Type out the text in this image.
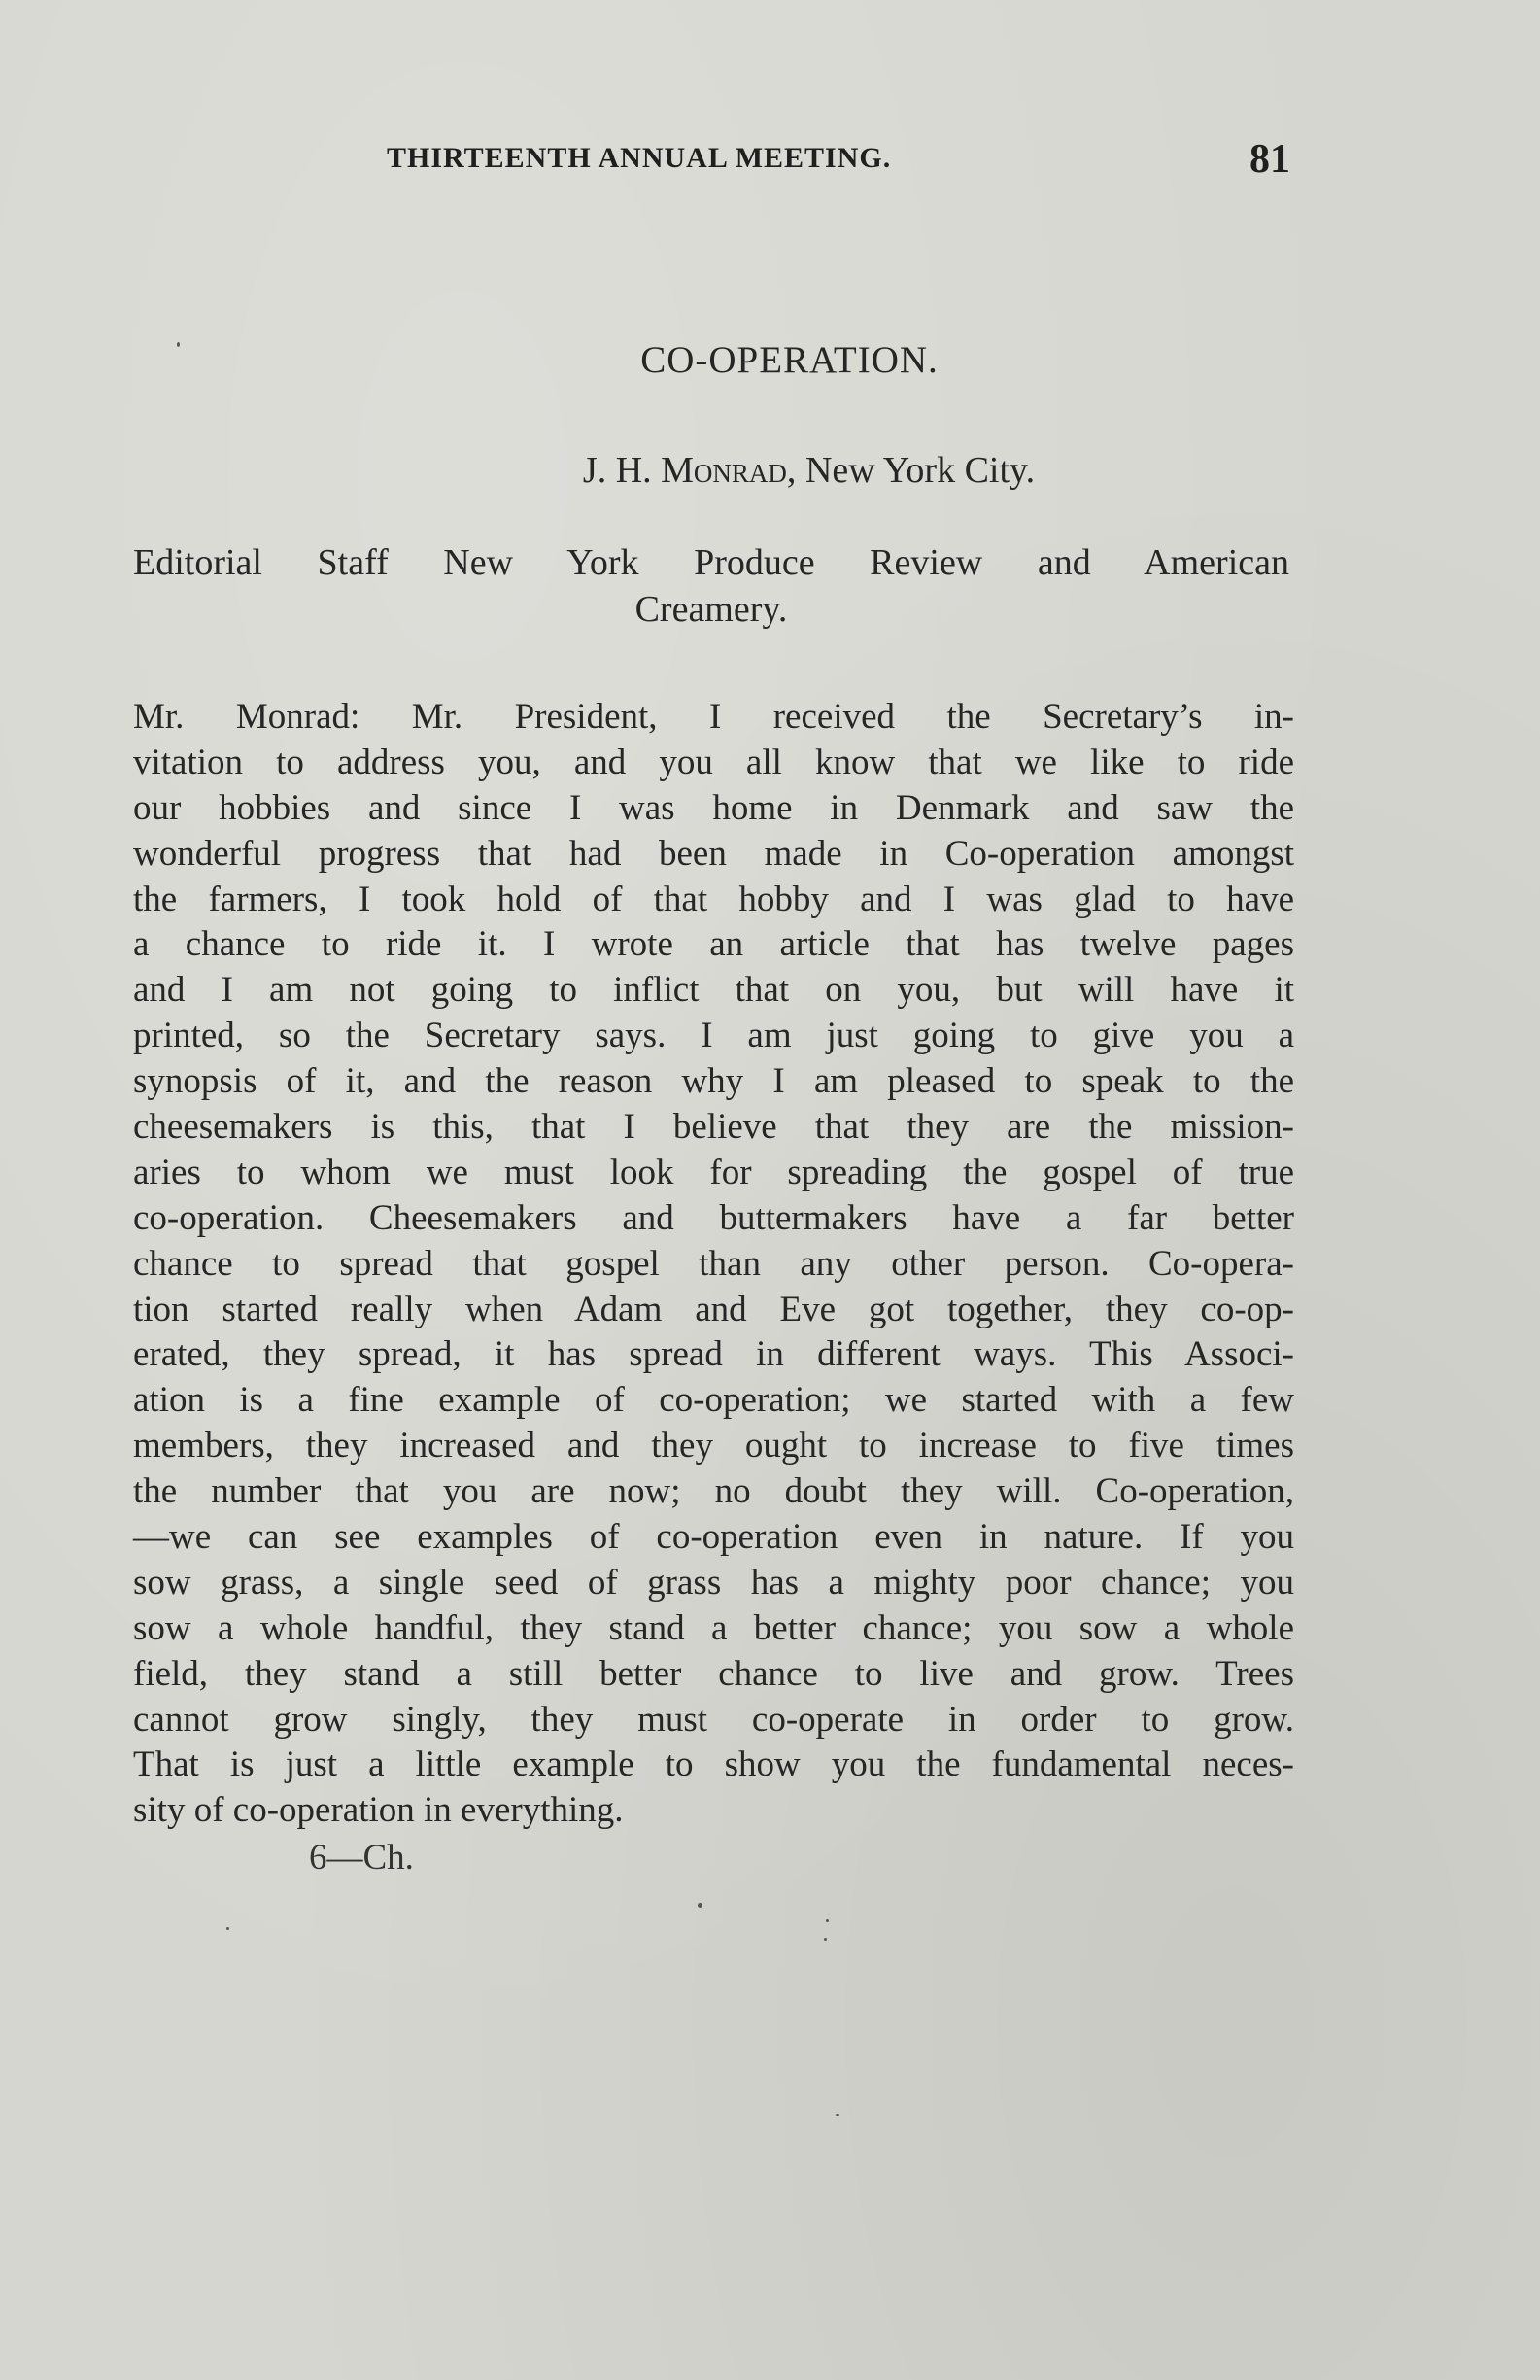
THIRTEENTH ANNUAL MEETING.	81
CO-OPERATION.
J. H. Monrad, New York City.
Editorial Staff New York Produce Review and American
Creamery.
Mr. Monrad: Mr. President, I received the Secretary’s in-
vitation to address you, and you all know that we like to ride
our hobbies and since I was home in Denmark and saw the
wonderful progress that had been made in Co-operation amongst
the farmers, I took hold of that hobby and I was glad to have
a chance to ride it. I wrote an article that has twelve pages
and I am not going to inflict that on you, but will have it
printed, so the Secretary says. I am just going to give you a
synopsis of it, and the reason why I am pleased to speak to the
cheesemakers is this, that I believe that they are the mission-
aries to whom we must look for spreading the gospel of true
co-operation. Cheesemakers and buttermakers have a far better
chance to spread that gospel than any other person. Co-opera-
tion started really when Adam and Eve got together, they co-op-
erated, they spread, it has spread in different ways. This Associ-
ation is a fine example of co-operation; we started with a few
members, they increased and they ought to increase to five times
the number that you are now; no doubt they will. Co-operation,
—we can see examples of co-operation even in nature. If you
sow grass, a single seed of grass has a mighty poor chance; you
sow a whole handful, they stand a better chance; you sow a whole
field, they stand a still better chance to live and grow. Trees
cannot grow singly, they must co-operate in order to grow.
That is just a little example to show you the fundamental neces-
sity of co-operation in everything.
6—Ch.
